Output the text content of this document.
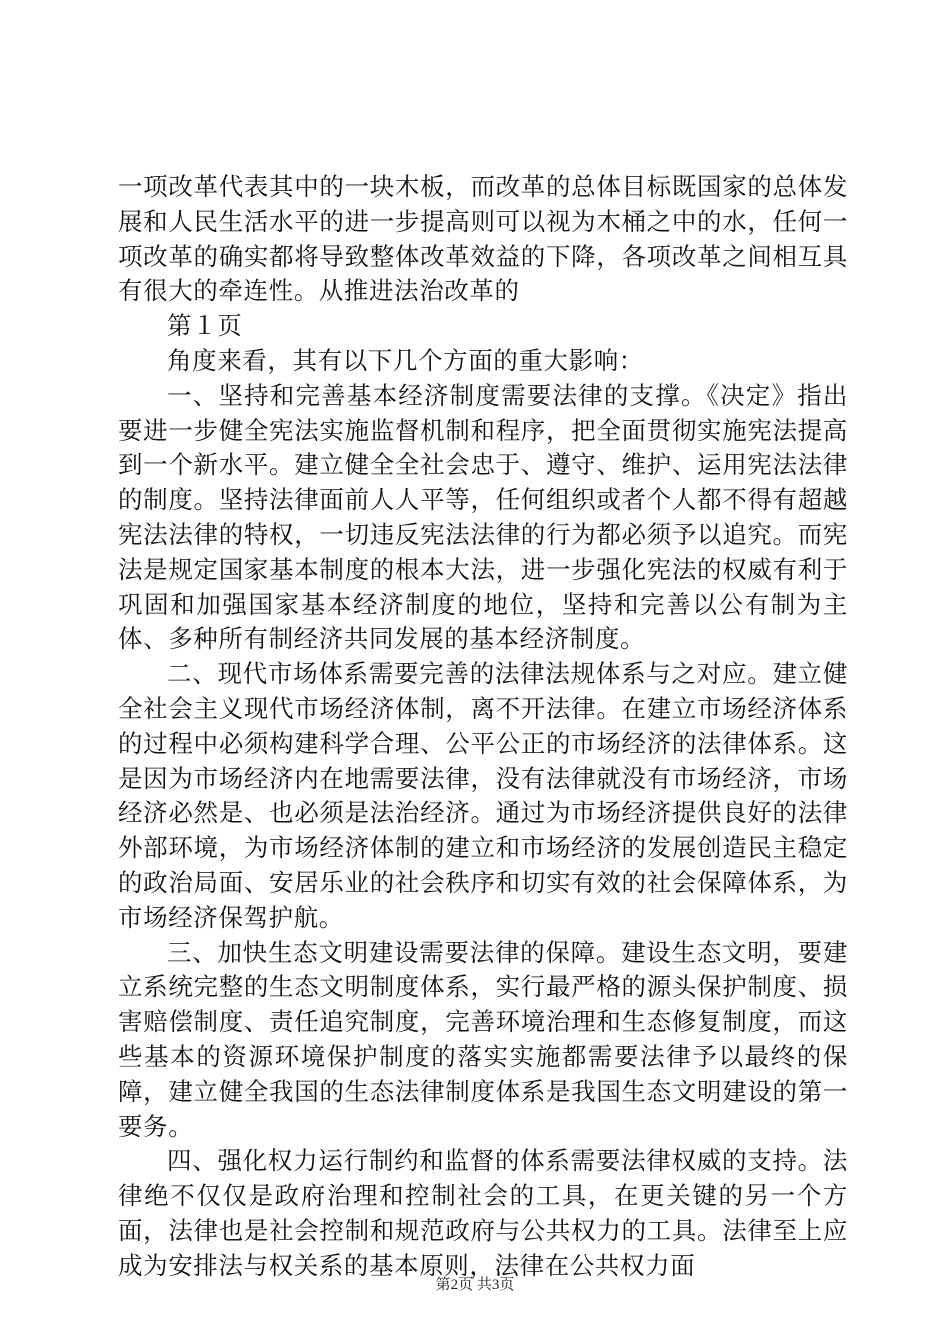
一项改革代表其中的一块木板，而改革的总体目标既国家的总体发展和人民生活水平的进一步提高则可以视为木桶之中的水，任何一项改革的确实都将导致整体改革效益的下降，各项改革之间相互具有很大的牵连性。从推进法治改革的

第１页

角度来看，其有以下几个方面的重大影响：

一、坚持和完善基本经济制度需要法律的支撑。《决定》指出要进一步健全宪法实施监督机制和程序，把全面贯彻实施宪法提高到一个新水平。建立健全全社会忠于、遵守、维护、运用宪法法律的制度。坚持法律面前人人平等，任何组织或者个人都不得有超越宪法法律的特权，一切违反宪法法律的行为都必须予以追究。而宪法是规定国家基本制度的根本大法，进一步强化宪法的权威有利于巩固和加强国家基本经济制度的地位，坚持和完善以公有制为主体、多种所有制经济共同发展的基本经济制度。

二、现代市场体系需要完善的法律法规体系与之对应。建立健全社会主义现代市场经济体制，离不开法律。在建立市场经济体系的过程中必须构建科学合理、公平公正的市场经济的法律体系。这是因为市场经济内在地需要法律，没有法律就没有市场经济，市场经济必然是、也必须是法治经济。通过为市场经济提供良好的法律外部环境，为市场经济体制的建立和市场经济的发展创造民主稳定的政治局面、安居乐业的社会秩序和切实有效的社会保障体系，为市场经济保驾护航。

三、加快生态文明建设需要法律的保障。建设生态文明，要建立系统完整的生态文明制度体系，实行最严格的源头保护制度、损害赔偿制度、责任追究制度，完善环境治理和生态修复制度，而这些基本的资源环境保护制度的落实实施都需要法律予以最终的保障，建立健全我国的生态法律制度体系是我国生态文明建设的第一要务。

四、强化权力运行制约和监督的体系需要法律权威的支持。法律绝不仅仅是政府治理和控制社会的工具，在更关键的另一个方面，法律也是社会控制和规范政府与公共权力的工具。法律至上应成为安排法与权关系的基本原则，法律在公共权力面

第2页 共3页
